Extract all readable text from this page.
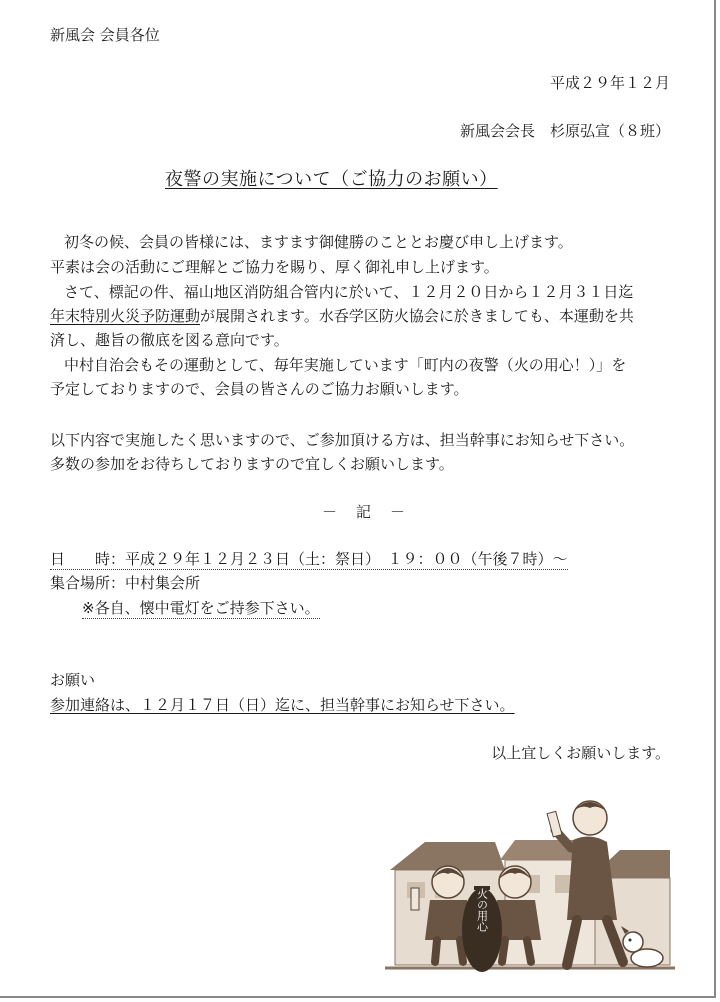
新風会 会員各位
平成２９年１２月
新風会会長　杉原弘宣（８班）
夜警の実施について（ご協力のお願い）
初冬の候、会員の皆様には、ますます御健勝のこととお慶び申し上げます。
平素は会の活動にご理解とご協力を賜り、厚く御礼申し上げます。
さて、標記の件、福山地区消防組合管内に於いて、１２月２０日から１２月３１日迄
年末特別火災予防運動が展開されます。水呑学区防火協会に於きましても、本運動を共
済し、趣旨の徹底を図る意向です。
中村自治会もその運動として、毎年実施しています「町内の夜警（火の用心！）」を
予定しておりますので、会員の皆さんのご協力お願いします。
以下内容で実施したく思いますので、ご参加頂ける方は、担当幹事にお知らせ下さい。
多数の参加をお待ちしておりますので宜しくお願いします。
－　記　－
日　　時：平成２９年１２月２３日（土：祭日）　１９：００（午後７時）～
集合場所：中村集会所
※各自、懐中電灯をご持参下さい。
お願い
参加連絡は、１２月１７日（日）迄に、担当幹事にお知らせ下さい。
以上宜しくお願いします。
火の用心
